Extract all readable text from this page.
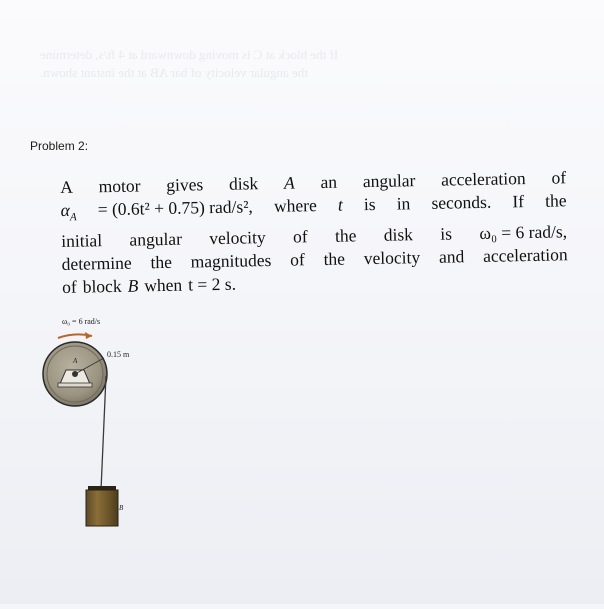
If the block at C is moving downward at 4 ft/s, determine
the angular velocity of bar AB at the instant shown.
Problem 2:
A motor gives disk A an angular acceleration of
$\alpha_A = (0.6t^2 + 0.75)$ rad/s², where t is in seconds. If the
initial angular velocity of the disk is ω₀ = 6 rad/s,
determine the magnitudes of the velocity and acceleration
of block B when t = 2 s.
ω₀ = 6 rad/s
0.15 m
A
B
